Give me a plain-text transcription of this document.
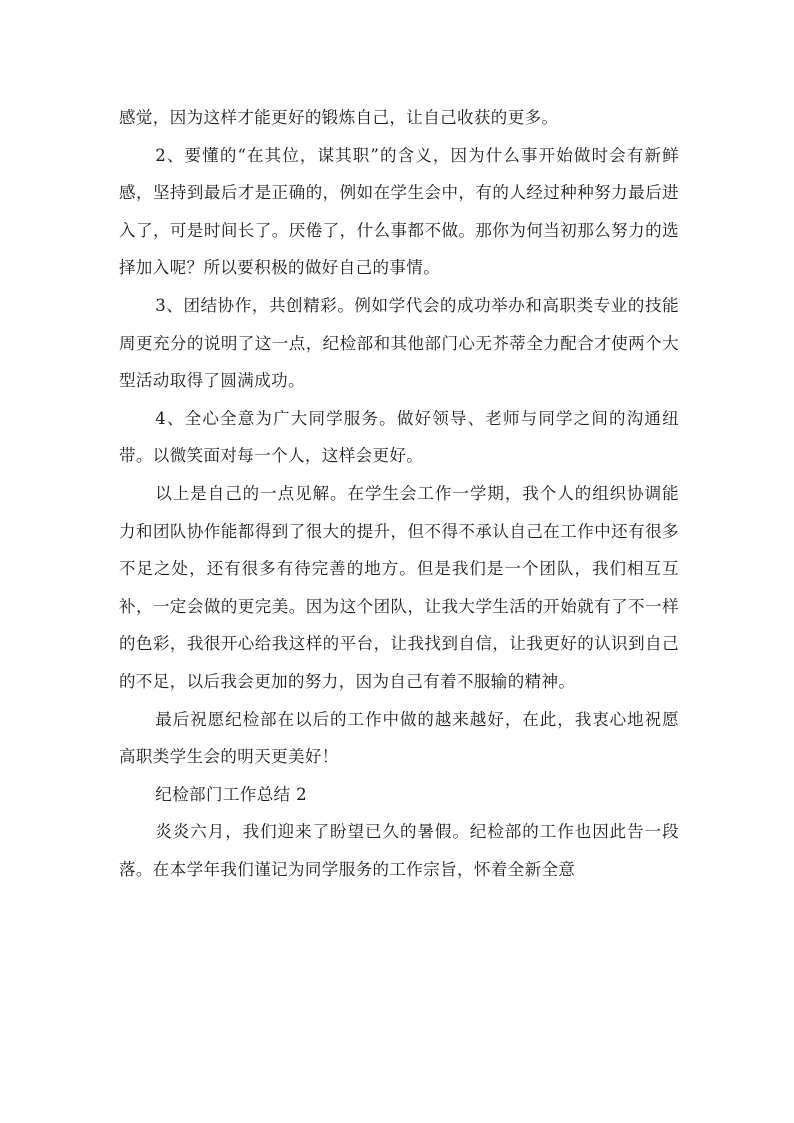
感觉，因为这样才能更好的锻炼自己，让自己收获的更多。

2、要懂的“在其位，谋其职”的含义，因为什么事开始做时会有新鲜感，坚持到最后才是正确的，例如在学生会中，有的人经过种种努力最后进入了，可是时间长了。厌倦了，什么事都不做。那你为何当初那么努力的选择加入呢？所以要积极的做好自己的事情。

3、团结协作，共创精彩。例如学代会的成功举办和高职类专业的技能周更充分的说明了这一点，纪检部和其他部门心无芥蒂全力配合才使两个大型活动取得了圆满成功。

4、全心全意为广大同学服务。做好领导、老师与同学之间的沟通纽带。以微笑面对每一个人，这样会更好。

以上是自己的一点见解。在学生会工作一学期，我个人的组织协调能力和团队协作能都得到了很大的提升，但不得不承认自己在工作中还有很多不足之处，还有很多有待完善的地方。但是我们是一个团队，我们相互互补，一定会做的更完美。因为这个团队，让我大学生活的开始就有了不一样的色彩，我很开心给我这样的平台，让我找到自信，让我更好的认识到自己的不足，以后我会更加的努力，因为自己有着不服输的精神。

最后祝愿纪检部在以后的工作中做的越来越好，在此，我衷心地祝愿高职类学生会的明天更美好！

纪检部门工作总结 2

炎炎六月，我们迎来了盼望已久的暑假。纪检部的工作也因此告一段落。在本学年我们谨记为同学服务的工作宗旨，怀着全新全意
